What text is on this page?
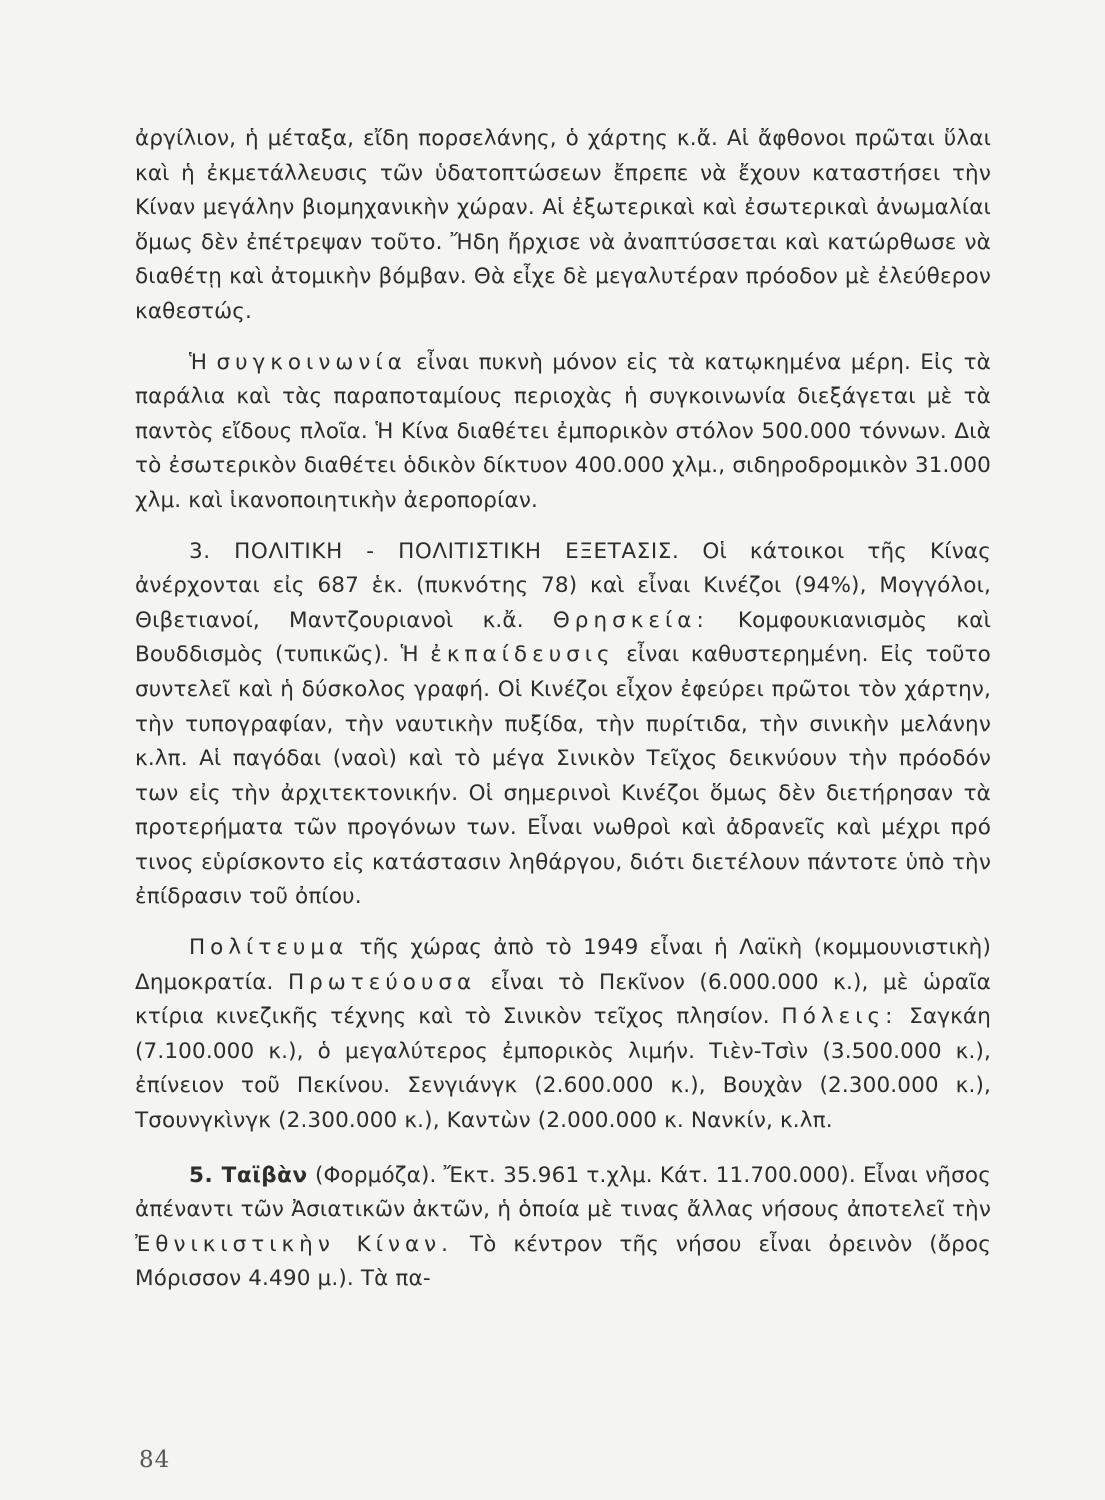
ἀργίλιον, ἡ μέταξα, εἴδη πορσελάνης, ὁ χάρτης κ.ἄ. Αἱ ἄφθονοι πρῶται ὕλαι καὶ ἡ ἐκμετάλλευσις τῶν ὑδατοπτώσεων ἔπρεπε νὰ ἔχουν καταστήσει τὴν Κίναν μεγάλην βιομηχανικὴν χώραν. Αἱ ἐξωτερικαὶ καὶ ἐσωτερικαὶ ἀνωμαλίαι ὅμως δὲν ἐπέτρεψαν τοῦτο. Ἤδη ἤρχισε νὰ ἀναπτύσσεται καὶ κατώρθωσε νὰ διαθέτῃ καὶ ἀτομικὴν βόμβαν. Θὰ εἶχε δὲ μεγαλυτέραν πρόοδον μὲ ἐλεύθερον καθεστώς.

Ἡ συγκοινωνία εἶναι πυκνὴ μόνον εἰς τὰ κατῳκημένα μέρη. Εἰς τὰ παράλια καὶ τὰς παραποταμίους περιοχὰς ἡ συγκοινωνία διεξάγεται μὲ τὰ παντὸς εἴδους πλοῖα. Ἡ Κίνα διαθέτει ἐμπορικὸν στόλον 500.000 τόννων. Διὰ τὸ ἐσωτερικὸν διαθέτει ὁδικὸν δίκτυον 400.000 χλμ., σιδηροδρομικὸν 31.000 χλμ. καὶ ἱκανοποιητικὴν ἀεροπορίαν.

3. ΠΟΛΙΤΙΚΗ - ΠΟΛΙΤΙΣΤΙΚΗ ΕΞΕΤΑΣΙΣ. Οἱ κάτοικοι τῆς Κίνας ἀνέρχονται εἰς 687 ἑκ. (πυκνότης 78) καὶ εἶναι Κινέζοι (94%), Μογγόλοι, Θιβετιανοί, Μαντζουριανοὶ κ.ἄ. Θρησκεία: Κομφουκιανισμὸς καὶ Βουδδισμὸς (τυπικῶς). Ἡ ἐκπαίδευσις εἶναι καθυστερημένη. Εἰς τοῦτο συντελεῖ καὶ ἡ δύσκολος γραφή. Οἱ Κινέζοι εἶχον ἐφεύρει πρῶτοι τὸν χάρτην, τὴν τυπογραφίαν, τὴν ναυτικὴν πυξίδα, τὴν πυρίτιδα, τὴν σινικὴν μελάνην κ.λπ. Αἱ παγόδαι (ναοὶ) καὶ τὸ μέγα Σινικὸν Τεῖχος δεικνύουν τὴν πρόοδόν των εἰς τὴν ἀρχιτεκτονικήν. Οἱ σημερινοὶ Κινέζοι ὅμως δὲν διετήρησαν τὰ προτερήματα τῶν προγόνων των. Εἶναι νωθροὶ καὶ ἀδρανεῖς καὶ μέχρι πρό τινος εὑρίσκοντο εἰς κατάστασιν ληθάργου, διότι διετέλουν πάντοτε ὑπὸ τὴν ἐπίδρασιν τοῦ ὀπίου.

Πολίτευμα τῆς χώρας ἀπὸ τὸ 1949 εἶναι ἡ Λαϊκὴ (κομμουνιστικὴ) Δημοκρατία. Πρωτεύουσα εἶναι τὸ Πεκῖνον (6.000.000 κ.), μὲ ὡραῖα κτίρια κινεζικῆς τέχνης καὶ τὸ Σινικὸν τεῖχος πλησίον. Πόλεις: Σαγκάη (7.100.000 κ.), ὁ μεγαλύτερος ἐμπορικὸς λιμήν. Τιὲν-Τσὶν (3.500.000 κ.), ἐπίνειον τοῦ Πεκίνου. Σενγιάνγκ (2.600.000 κ.), Βουχὰν (2.300.000 κ.), Τσουνγκὶνγκ (2.300.000 κ.), Καντὼν (2.000.000 κ. Νανκίν, κ.λπ.

5. Ταϊβὰν (Φορμόζα). Ἔκτ. 35.961 τ.χλμ. Κάτ. 11.700.000). Εἶναι νῆσος ἀπέναντι τῶν Ἀσιατικῶν ἀκτῶν, ἡ ὁποία μὲ τινας ἄλλας νήσους ἀποτελεῖ τὴν Ἐθνικιστικὴν Κίναν. Τὸ κέντρον τῆς νήσου εἶναι ὀρεινὸν (ὄρος Μόρισσον 4.490 μ.). Τὰ πα-

84
